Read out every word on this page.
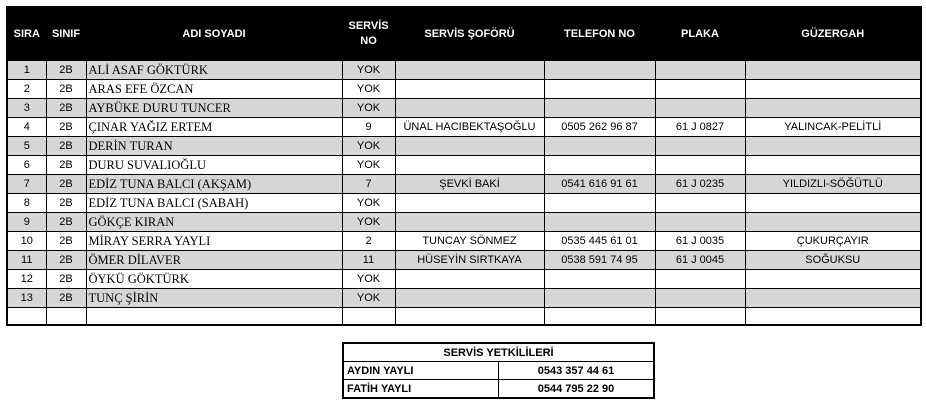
SIRA	SINIF	ADI SOYADI	SERVİS NO	SERVİS ŞOFÖRÜ	TELEFON NO	PLAKA	GÜZERGAH
1	2B	ALİ ASAF GÖKTÜRK	YOK				
2	2B	ARAS EFE ÖZCAN	YOK				
3	2B	AYBÜKE DURU TUNCER	YOK				
4	2B	ÇINAR YAĞIZ ERTEM	9	ÜNAL HACIBEKTAŞOĞLU	0505 262 96 87	61 J 0827	YALINCAK-PELİTLİ
5	2B	DERİN TURAN	YOK				
6	2B	DURU SUVALIOĞLU	YOK				
7	2B	EDİZ TUNA BALCI (AKŞAM)	7	ŞEVKİ BAKİ	0541 616 91 61	61 J 0235	YILDIZLI-SÖĞÜTLÜ
8	2B	EDİZ TUNA BALCI (SABAH)	YOK				
9	2B	GÖKÇE KIRAN	YOK				
10	2B	MİRAY SERRA YAYLI	2	TUNCAY SÖNMEZ	0535 445 61 01	61 J 0035	ÇUKURÇAYIR
11	2B	ÖMER DİLAVER	11	HÜSEYİN SIRTKAYA	0538 591 74 95	61 J 0045	SOĞUKSU
12	2B	ÖYKÜ GÖKTÜRK	YOK				
13	2B	TUNÇ ŞİRİN	YOK				

SERVİS YETKİLİLERİ	
AYDIN YAYLI	0543 357 44 61
FATİH YAYLI	0544 795 22 90
